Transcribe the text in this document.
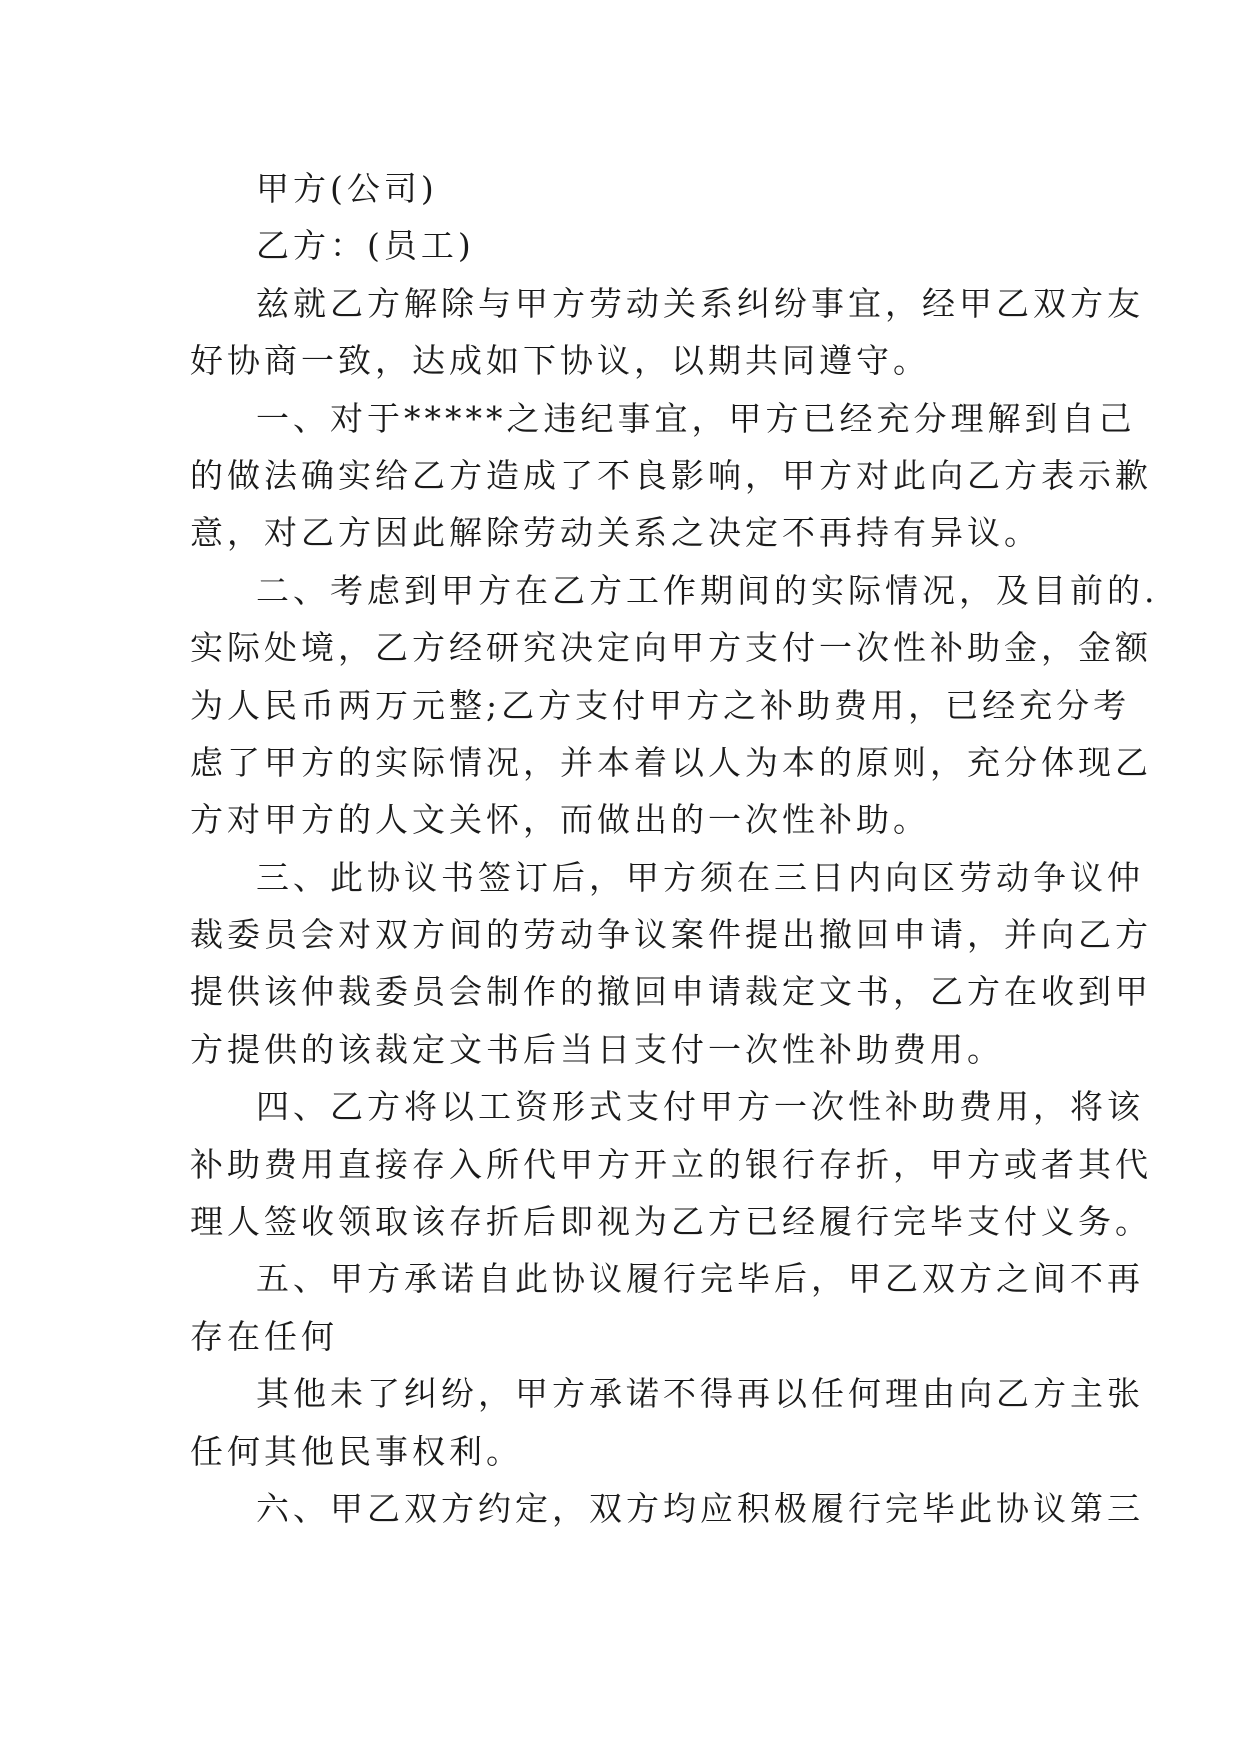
甲方(公司)
乙方：(员工)
兹就乙方解除与甲方劳动关系纠纷事宜，经甲乙双方友
好协商一致，达成如下协议，以期共同遵守。
一、对于*****之违纪事宜，甲方已经充分理解到自己
的做法确实给乙方造成了不良影响，甲方对此向乙方表示歉
意，对乙方因此解除劳动关系之决定不再持有异议。
二、考虑到甲方在乙方工作期间的实际情况，及目前的.
实际处境，乙方经研究决定向甲方支付一次性补助金，金额
为人民币两万元整;乙方支付甲方之补助费用，已经充分考
虑了甲方的实际情况，并本着以人为本的原则，充分体现乙
方对甲方的人文关怀，而做出的一次性补助。
三、此协议书签订后，甲方须在三日内向区劳动争议仲
裁委员会对双方间的劳动争议案件提出撤回申请，并向乙方
提供该仲裁委员会制作的撤回申请裁定文书，乙方在收到甲
方提供的该裁定文书后当日支付一次性补助费用。
四、乙方将以工资形式支付甲方一次性补助费用，将该
补助费用直接存入所代甲方开立的银行存折，甲方或者其代
理人签收领取该存折后即视为乙方已经履行完毕支付义务。
五、甲方承诺自此协议履行完毕后，甲乙双方之间不再
存在任何
其他未了纠纷，甲方承诺不得再以任何理由向乙方主张
任何其他民事权利。
六、甲乙双方约定，双方均应积极履行完毕此协议第三
